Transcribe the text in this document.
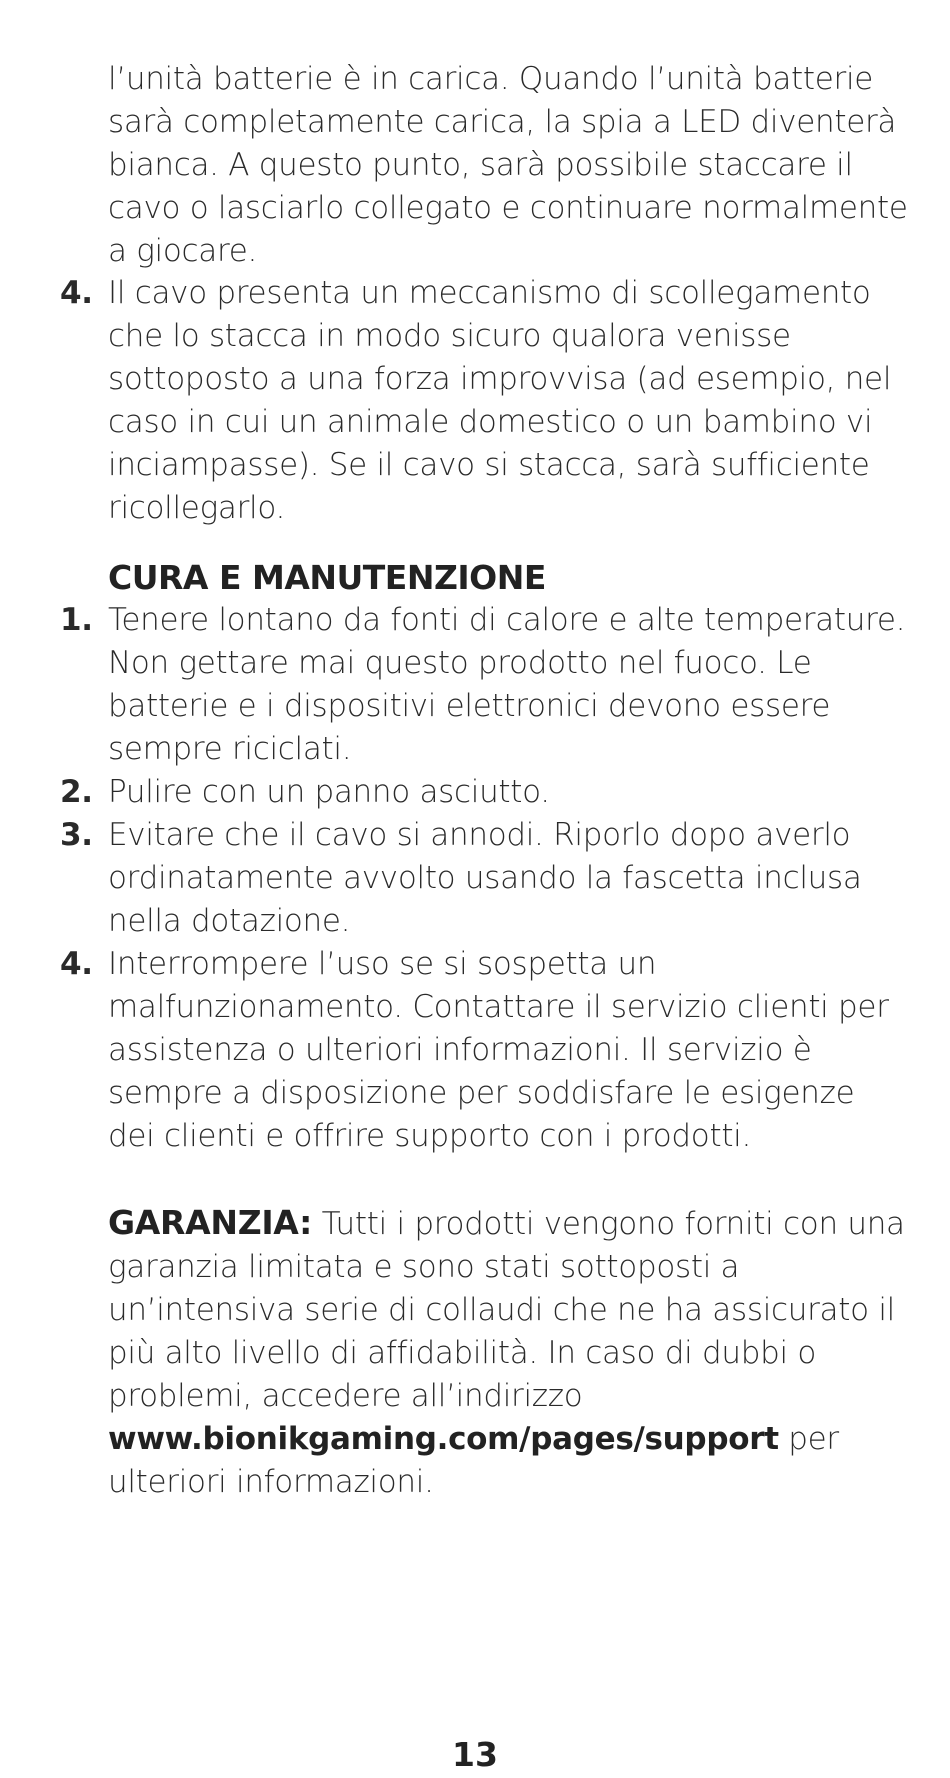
l’unità batterie è in carica. Quando l’unità batterie sarà completamente carica, la spia a LED diventerà bianca. A questo punto, sarà possibile staccare il cavo o lasciarlo collegato e continuare normalmente a giocare.
4. Il cavo presenta un meccanismo di scollegamento che lo stacca in modo sicuro qualora venisse sottoposto a una forza improvvisa (ad esempio, nel caso in cui un animale domestico o un bambino vi inciampasse). Se il cavo si stacca, sarà sufficiente ricollegarlo.
CURA E MANUTENZIONE
1. Tenere lontano da fonti di calore e alte temperature. Non gettare mai questo prodotto nel fuoco. Le batterie e i dispositivi elettronici devono essere sempre riciclati.
2. Pulire con un panno asciutto.
3. Evitare che il cavo si annodi. Riporlo dopo averlo ordinatamente avvolto usando la fascetta inclusa nella dotazione.
4. Interrompere l’uso se si sospetta un malfunzionamento. Contattare il servizio clienti per assistenza o ulteriori informazioni. Il servizio è sempre a disposizione per soddisfare le esigenze dei clienti e offrire supporto con i prodotti.
GARANZIA: Tutti i prodotti vengono forniti con una garanzia limitata e sono stati sottoposti a un’intensiva serie di collaudi che ne ha assicurato il più alto livello di affidabilità. In caso di dubbi o problemi, accedere all’indirizzo www.bionikgaming.com/pages/support per ulteriori informazioni.
13
